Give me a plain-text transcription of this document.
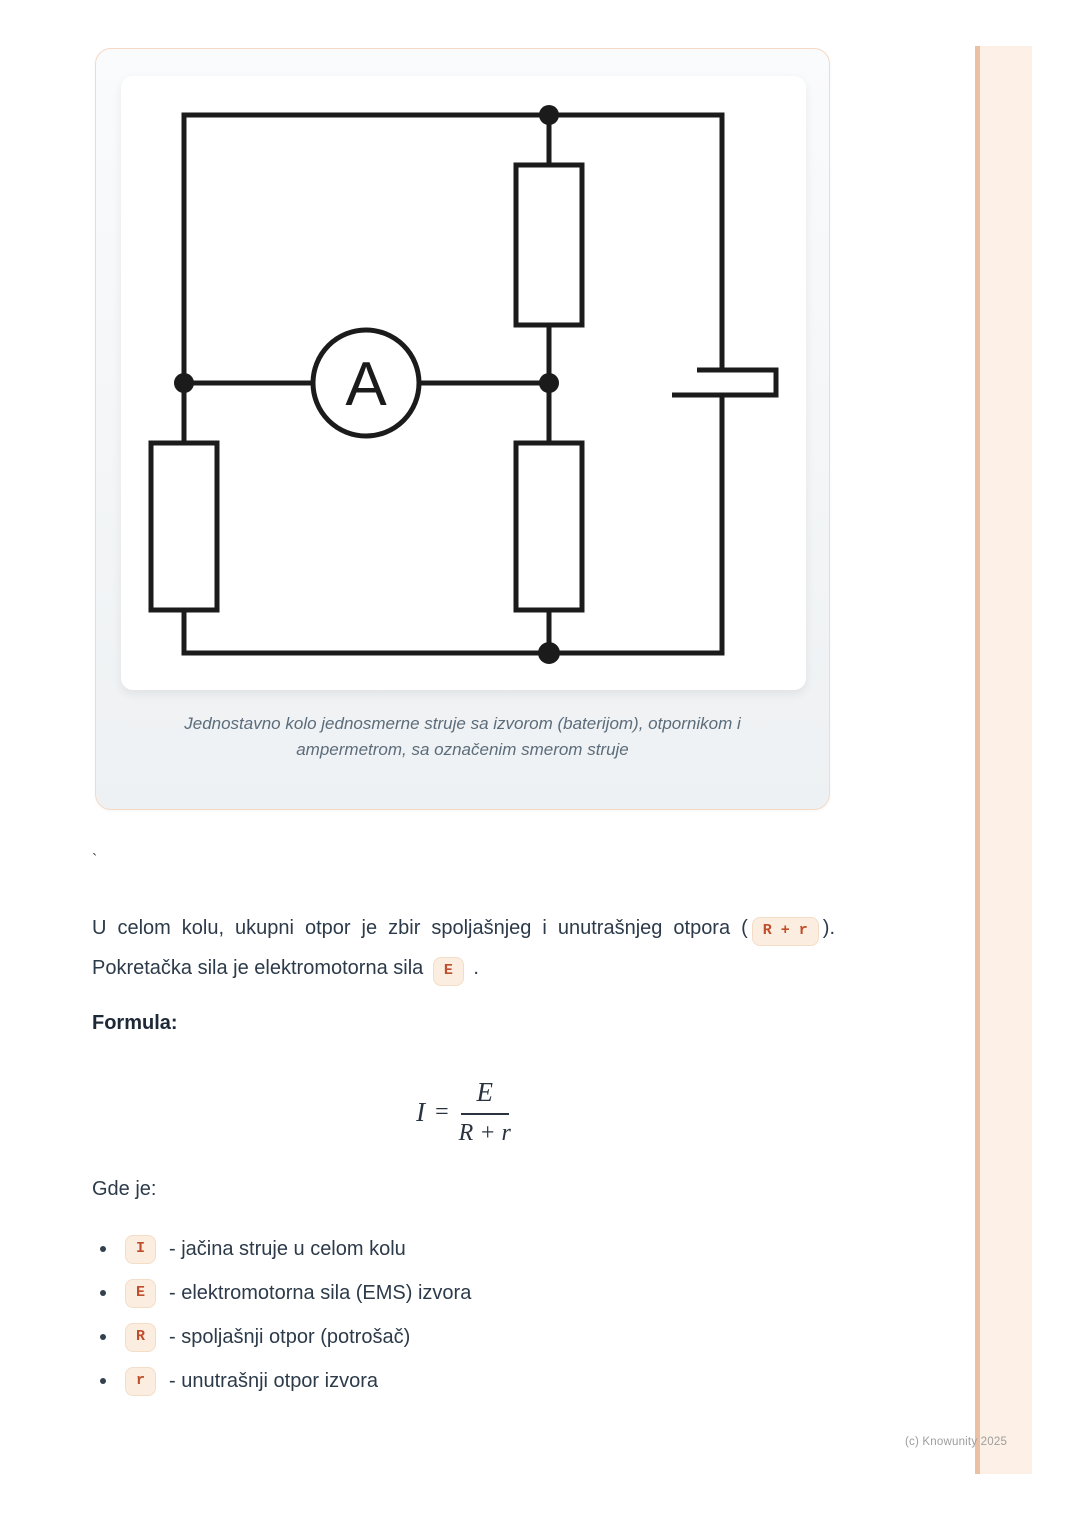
A

Jednostavno kolo jednosmerne struje sa izvorom (baterijom), otpornikom i ampermetrom, sa označenim smerom struje

`

U celom kolu, ukupni otpor je zbir spoljašnjeg i unutrašnjeg otpora ( R + r ). Pokretačka sila je elektromotorna sila E .

Formula:
$I = \frac{E}{R + r}$

Gde je:

I	- jačina struje u celom kolu
E	- elektromotorna sila (EMS) izvora
R	- spoljašnji otpor (potrošač)
r	- unutrašnji otpor izvora
(c) Knowunity 2025
